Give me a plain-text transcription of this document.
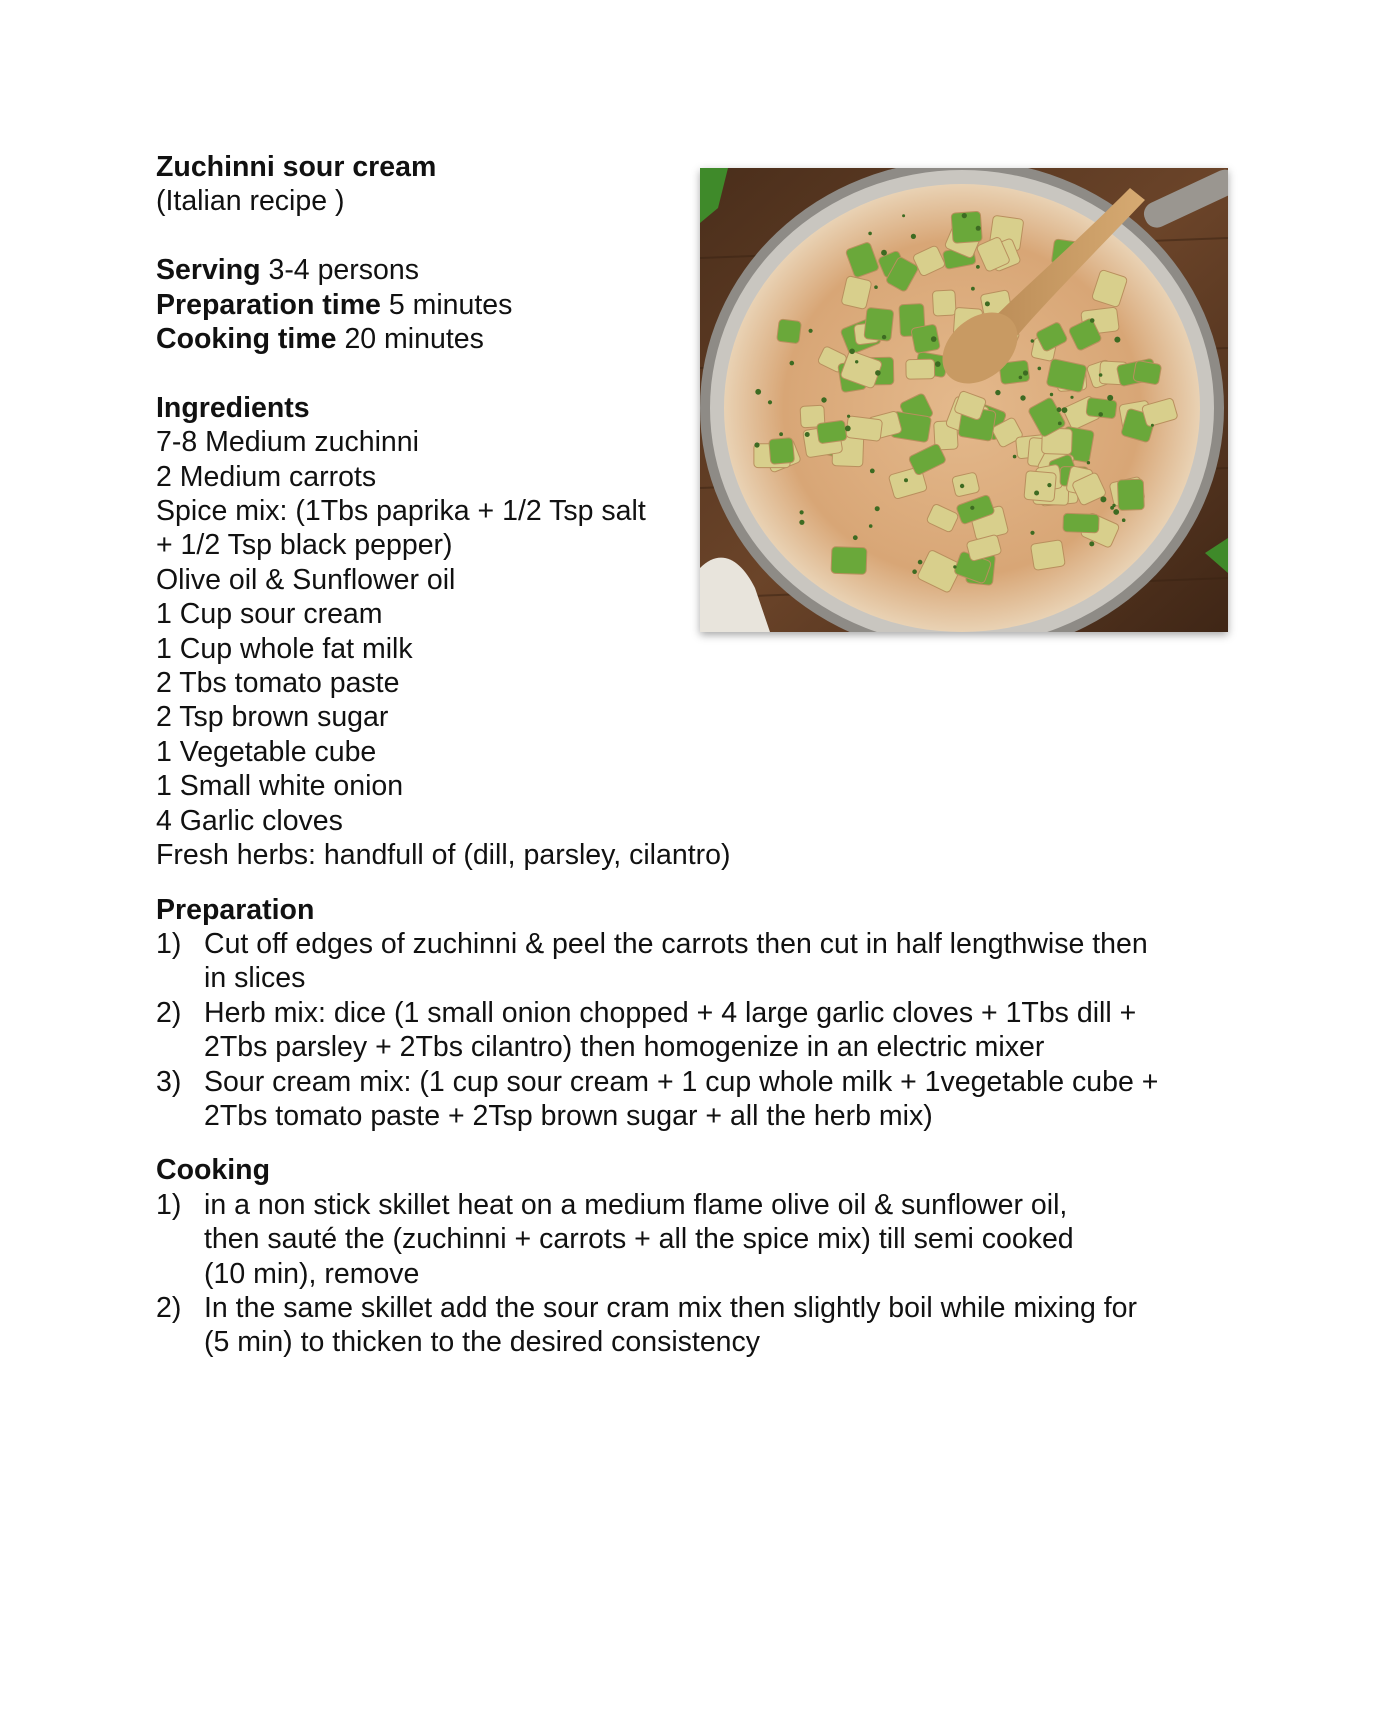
Zuchinni sour cream
(Italian recipe )
Serving 3-4 persons
Preparation time 5 minutes
Cooking time 20 minutes
Ingredients
7-8 Medium zuchinni
2 Medium carrots
Spice mix: (1Tbs paprika + 1/2 Tsp salt
+ 1/2 Tsp black pepper)
Olive oil & Sunflower oil
1 Cup sour cream
1 Cup whole fat milk
2 Tbs tomato paste
2 Tsp brown sugar
1 Vegetable cube
1 Small white onion
4 Garlic cloves
Fresh herbs: handfull of (dill, parsley, cilantro)
Preparation
1) Cut off edges of zuchinni & peel the carrots then cut in half lengthwise then
in slices
2) Herb mix: dice (1 small onion chopped + 4 large garlic cloves + 1Tbs dill +
2Tbs parsley + 2Tbs cilantro) then homogenize in an electric mixer
3) Sour cream mix: (1 cup sour cream + 1 cup whole milk + 1vegetable cube +
2Tbs tomato paste + 2Tsp brown sugar + all the herb mix)
Cooking
1) in a non stick skillet heat on a medium flame olive oil & sunflower oil,
then sauté the (zuchinni + carrots + all the spice mix) till semi cooked
(10 min), remove
2) In the same skillet add the sour cram mix then slightly boil while mixing for
(5 min) to thicken to the desired consistency
